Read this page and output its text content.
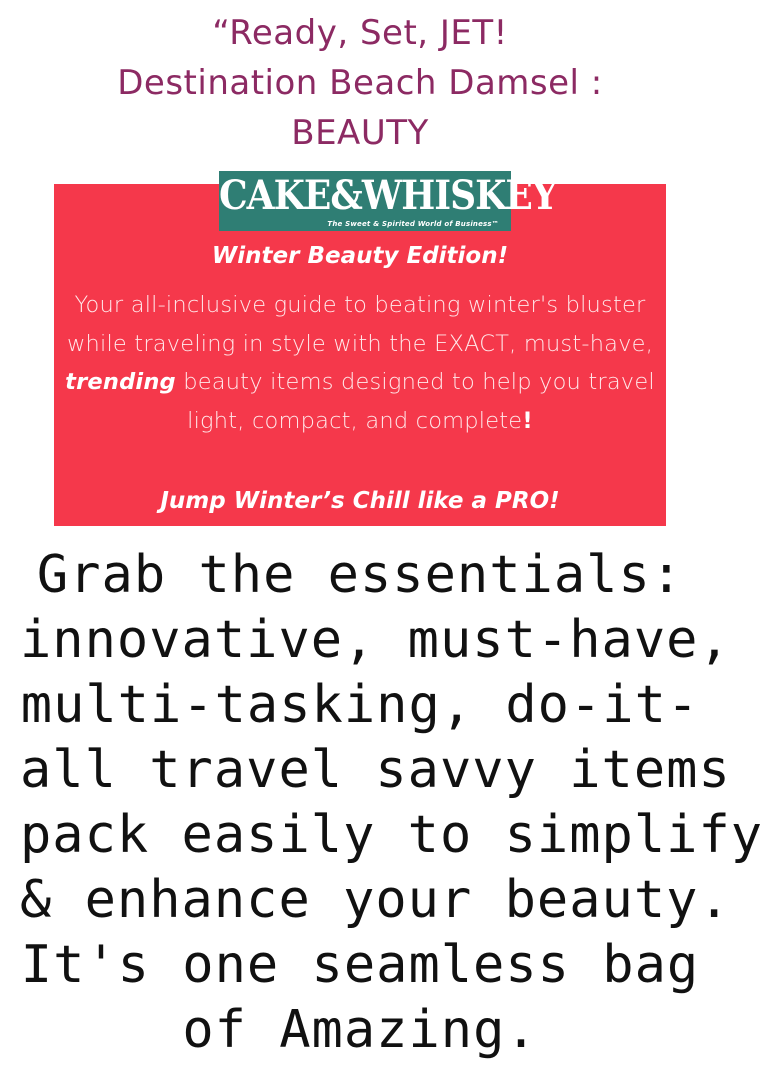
“Ready, Set, JET!
Destination Beach Damsel :
BEAUTY
CAKE&WHISKEY
The Sweet & Spirited World of Business™
Winter Beauty Edition!
Your all-inclusive guide to beating winter's bluster while traveling in style with the EXACT, must-have, trending beauty items designed to help you travel light, compact, and complete!
Jump Winter’s Chill like a PRO!
Grab the essentials:
innovative, must-have,
multi-tasking, do-it-
all travel savvy items
pack easily to simplify
& enhance your beauty.
It's one seamless bag
of Amazing.
